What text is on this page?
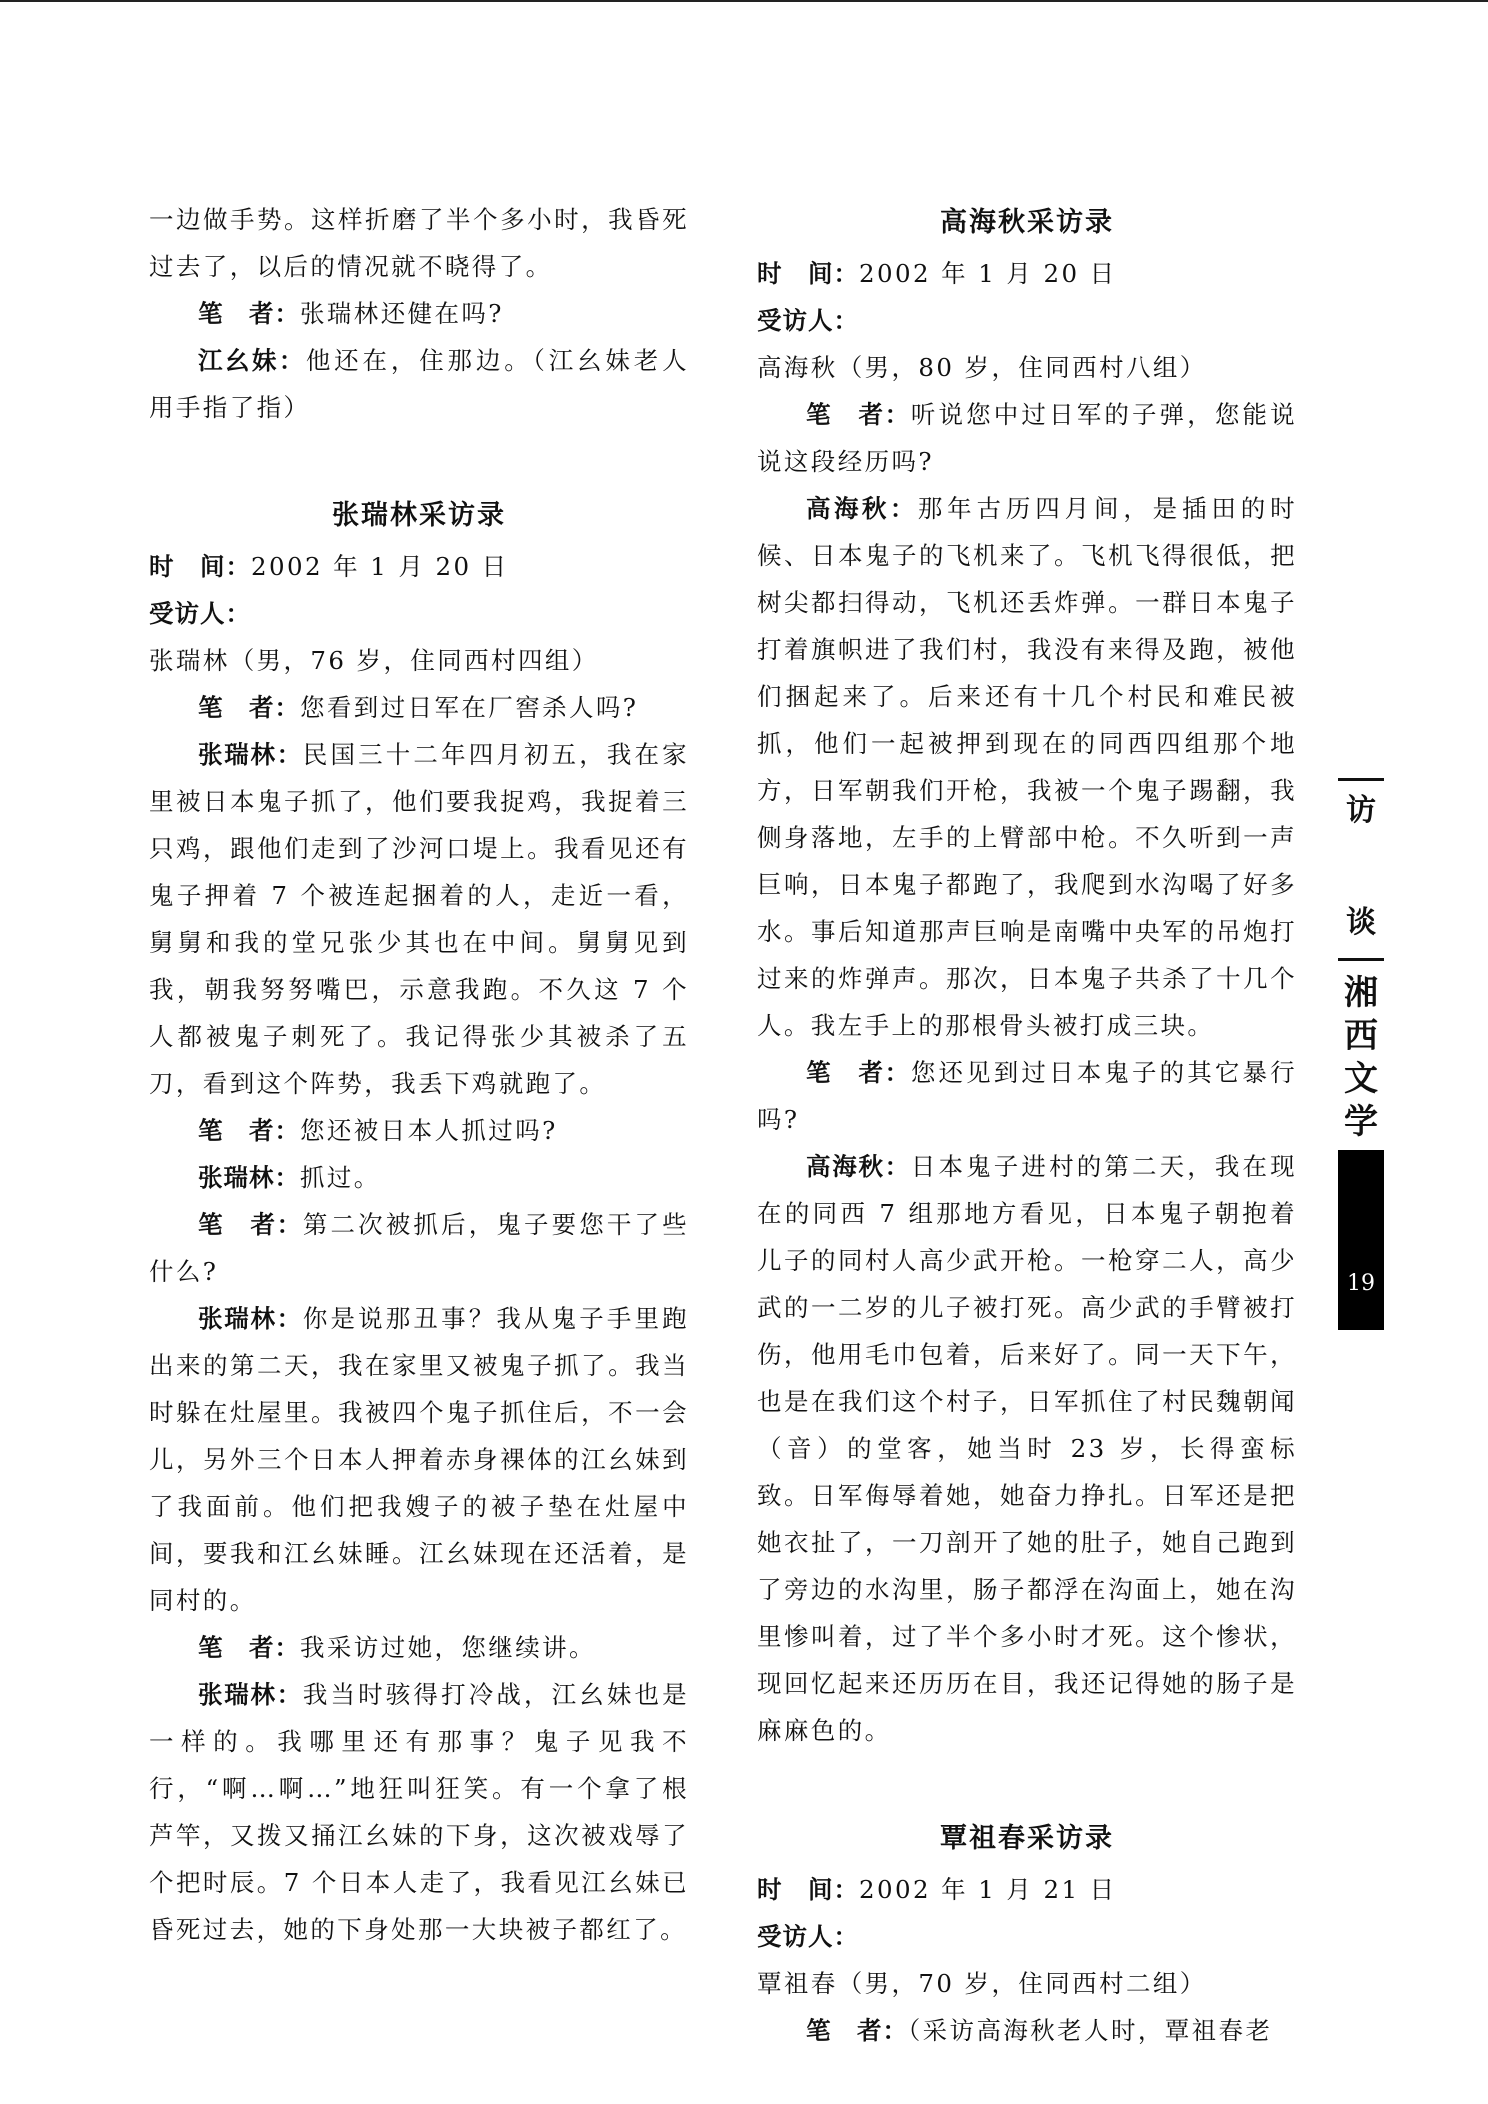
一边做手势。这样折磨了半个多小时，我昏死过去了，以后的情况就不晓得了。

笔　者：张瑞林还健在吗?

江幺妹：他还在，住那边。（江幺妹老人用手指了指）

张瑞林采访录

时　间：2002 年 1 月 20 日

受访人：张瑞林（男，76 岁，住同西村四组）

笔　者：您看到过日军在厂窖杀人吗?

张瑞林：民国三十二年四月初五，我在家里被日本鬼子抓了，他们要我捉鸡，我捉着三只鸡，跟他们走到了沙河口堤上。我看见还有鬼子押着 7 个被连起捆着的人，走近一看，舅舅和我的堂兄张少其也在中间。舅舅见到我，朝我努努嘴巴，示意我跑。不久这 7 个人都被鬼子刺死了。我记得张少其被杀了五刀，看到这个阵势，我丢下鸡就跑了。

笔　者：您还被日本人抓过吗?

张瑞林：抓过。

笔　者：第二次被抓后，鬼子要您干了些什么?

张瑞林：你是说那丑事？我从鬼子手里跑出来的第二天，我在家里又被鬼子抓了。我当时躲在灶屋里。我被四个鬼子抓住后，不一会儿，另外三个日本人押着赤身裸体的江幺妹到了我面前。他们把我嫂子的被子垫在灶屋中间，要我和江幺妹睡。江幺妹现在还活着，是同村的。

笔　者：我采访过她，您继续讲。

张瑞林：我当时骇得打冷战，江幺妹也是一样的。我哪里还有那事？鬼子见我不行，“啊…啊…”地狂叫狂笑。有一个拿了根芦竿，又拨又捅江幺妹的下身，这次被戏辱了个把时辰。7 个日本人走了，我看见江幺妹已昏死过去，她的下身处那一大块被子都红了。

高海秋采访录

时　间：2002 年 1 月 20 日

受访人：高海秋（男，80 岁，住同西村八组）

笔　者：听说您中过日军的子弹，您能说说这段经历吗?

高海秋：那年古历四月间，是插田的时候、日本鬼子的飞机来了。飞机飞得很低，把树尖都扫得动，飞机还丢炸弹。一群日本鬼子打着旗帜进了我们村，我没有来得及跑，被他们捆起来了。后来还有十几个村民和难民被抓，他们一起被押到现在的同西四组那个地方，日军朝我们开枪，我被一个鬼子踢翻，我侧身落地，左手的上臂部中枪。不久听到一声巨响，日本鬼子都跑了，我爬到水沟喝了好多水。事后知道那声巨响是南嘴中央军的吊炮打过来的炸弹声。那次，日本鬼子共杀了十几个人。我左手上的那根骨头被打成三块。

笔　者：您还见到过日本鬼子的其它暴行吗?

高海秋：日本鬼子进村的第二天，我在现在的同西 7 组那地方看见，日本鬼子朝抱着儿子的同村人高少武开枪。一枪穿二人，高少武的一二岁的儿子被打死。高少武的手臂被打伤，他用毛巾包着，后来好了。同一天下午，也是在我们这个村子，日军抓住了村民魏朝闻（音）的堂客，她当时 23 岁，长得蛮标致。日军侮辱着她，她奋力挣扎。日军还是把她衣扯了，一刀剖开了她的肚子，她自己跑到了旁边的水沟里，肠子都浮在沟面上，她在沟里惨叫着，过了半个多小时才死。这个惨状，现回忆起来还历历在目，我还记得她的肠子是麻麻色的。

覃祖春采访录

时　间：2002 年 1 月 21 日

受访人：覃祖春（男，70 岁，住同西村二组）

笔　者：（采访高海秋老人时，覃祖春老

访
谈
湘西文学
19
